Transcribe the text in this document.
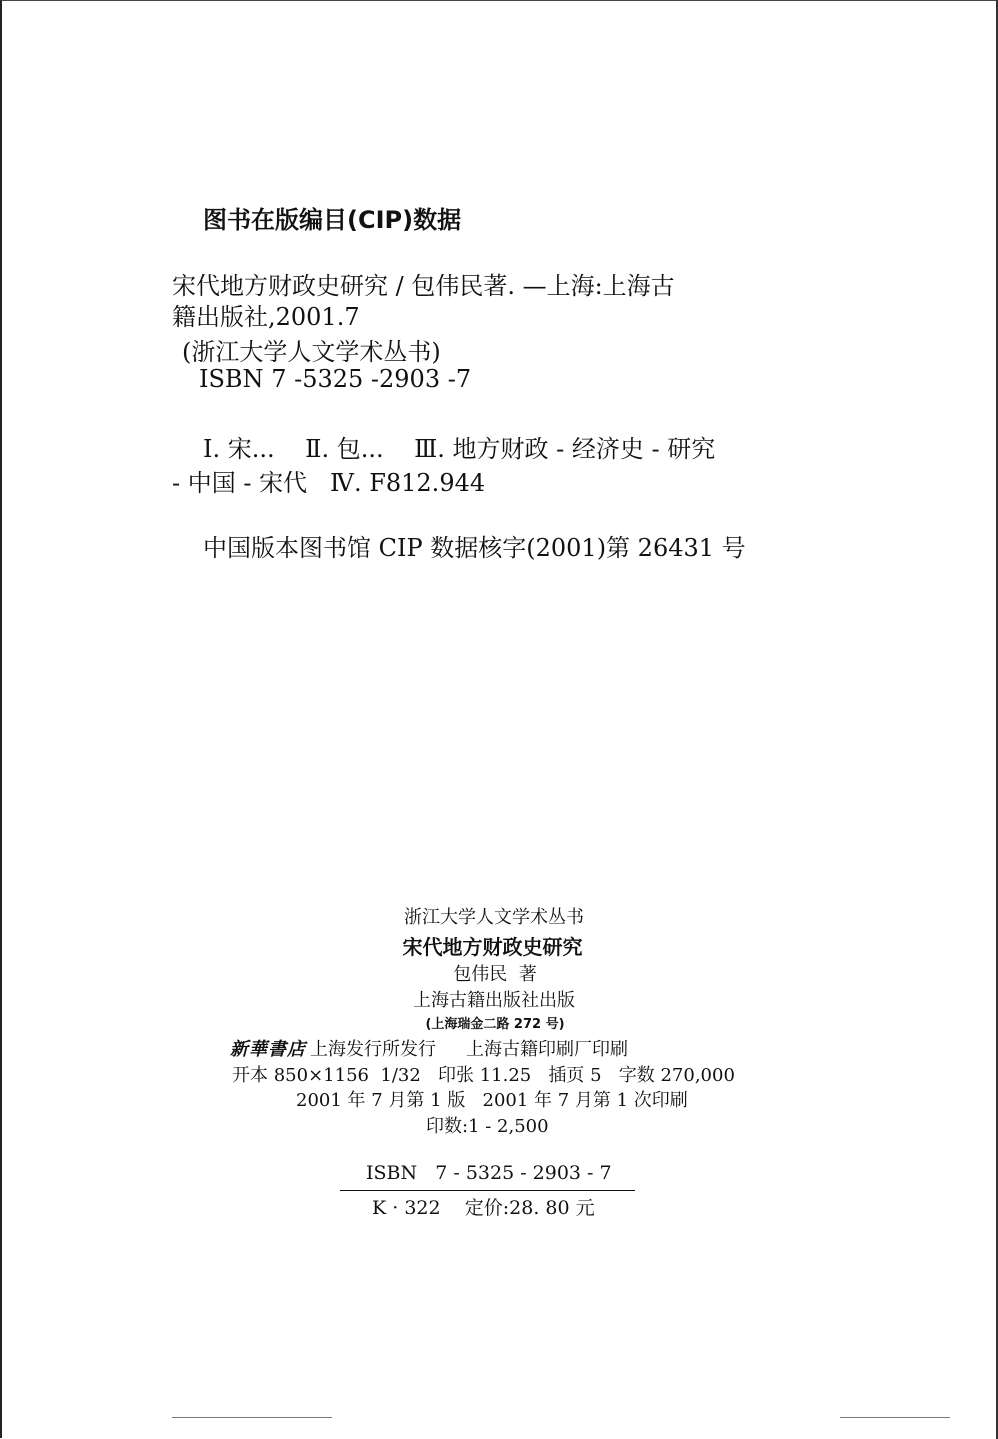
图书在版编目(CIP)数据
宋代地方财政史研究 / 包伟民著. —上海:上海古
籍出版社,2001.7
(浙江大学人文学术丛书)
ISBN 7 -5325 -2903 -7
Ⅰ. 宋...    Ⅱ. 包...    Ⅲ. 地方财政 - 经济史 - 研究
- 中国 - 宋代   Ⅳ. F812.944
中国版本图书馆 CIP 数据核字(2001)第 26431 号
浙江大学人文学术丛书
宋代地方财政史研究
包伟民  著
上海古籍出版社出版
(上海瑞金二路 272 号)
新華書店 上海发行所发行 上海古籍印刷厂印刷
开本 850×1156  1/32   印张 11.25   插页 5   字数 270,000
2001 年 7 月第 1 版   2001 年 7 月第 1 次印刷
印数:1 - 2,500
ISBN   7 - 5325 - 2903 - 7
K · 322    定价:28. 80 元
